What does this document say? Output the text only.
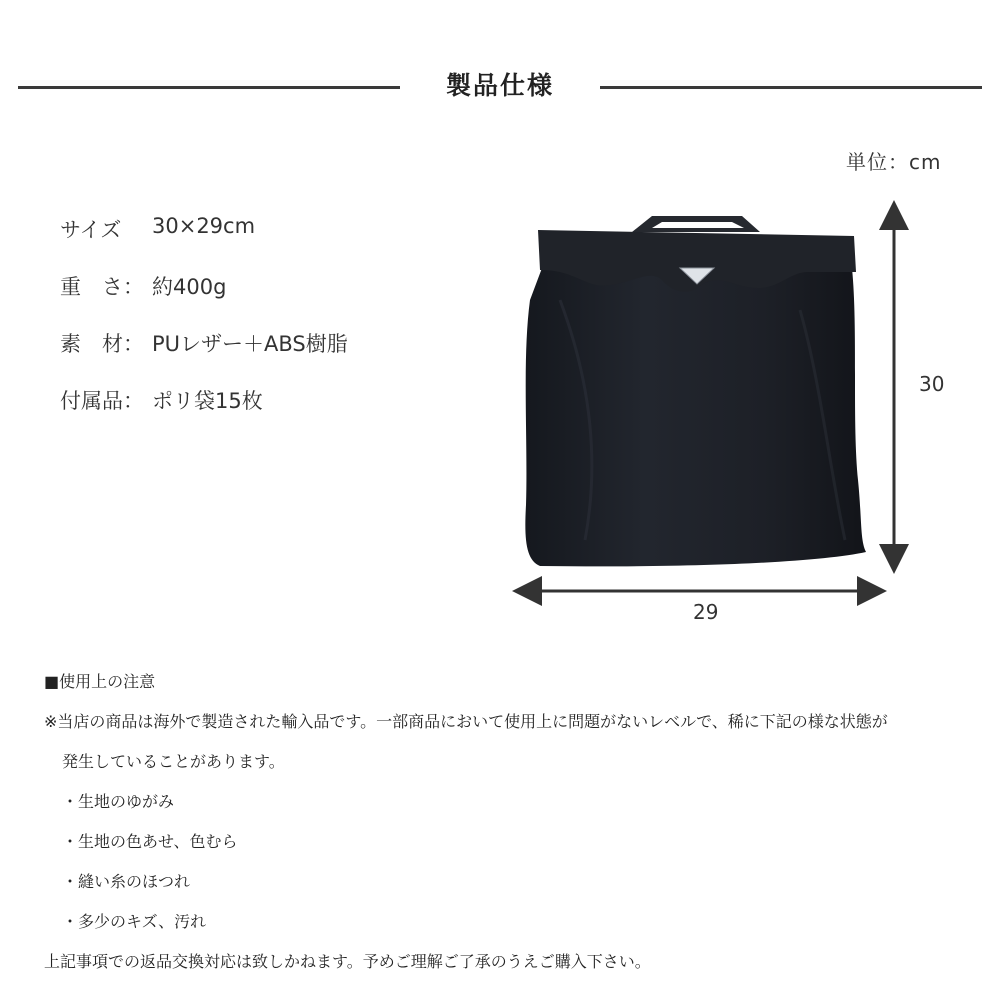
製品仕様
単位：cm
サイズ	30×29cm
重　さ： 約400g
素　材： PUレザー＋ABS樹脂
付属品： ポリ袋15枚
30
29
■使用上の注意
※当店の商品は海外で製造された輸入品です。一部商品において使用上に問題がないレベルで、稀に下記の様な状態が
発生していることがあります。
・生地のゆがみ
・生地の色あせ、色むら
・縫い糸のほつれ
・多少のキズ、汚れ
上記事項での返品交換対応は致しかねます。予めご理解ご了承のうえご購入下さい。
